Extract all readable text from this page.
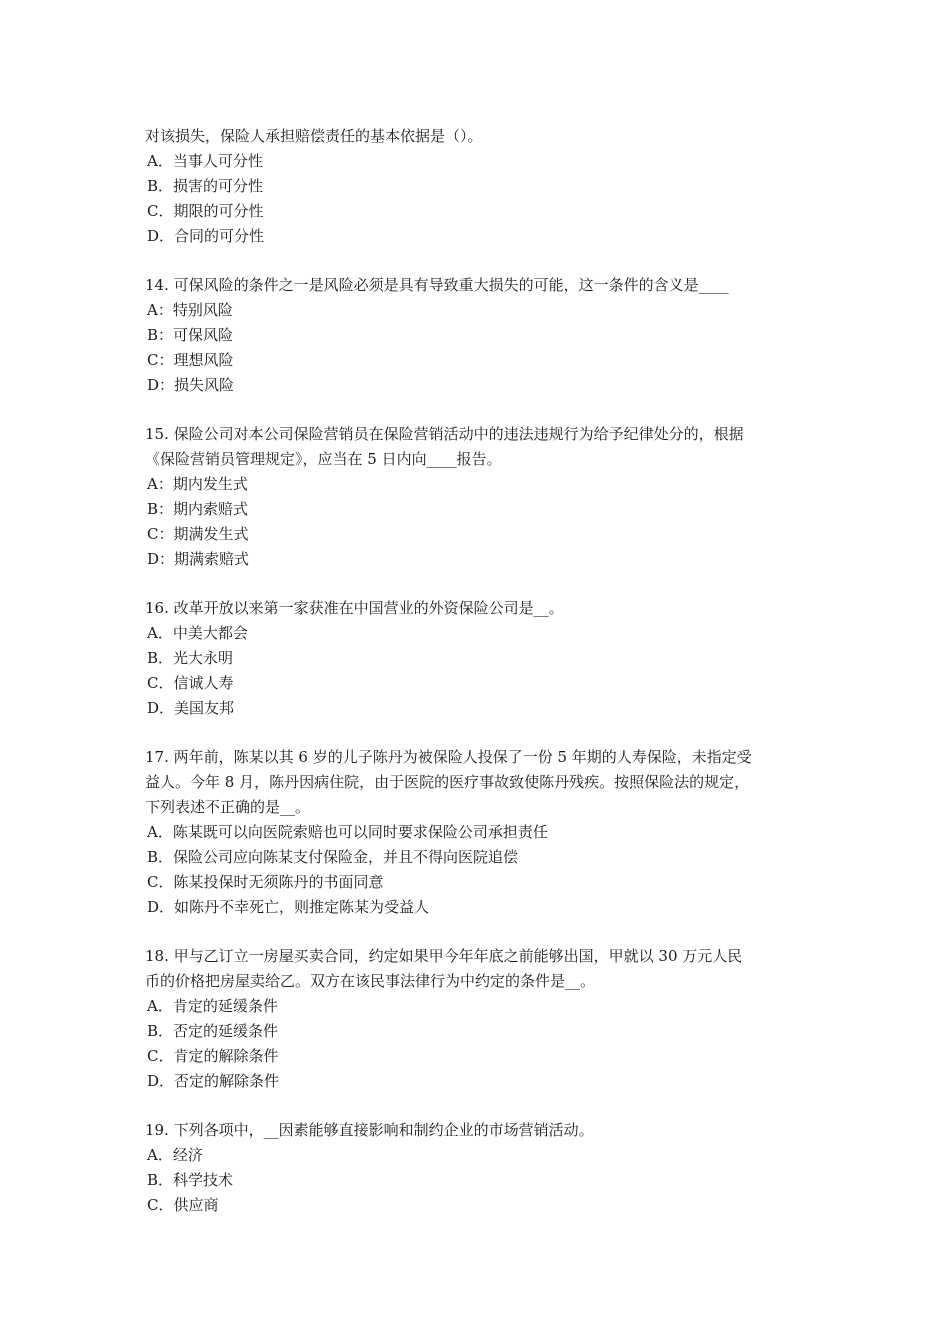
对该损失，保险人承担赔偿责任的基本依据是（）。
A．当事人可分性
B．损害的可分性
C．期限的可分性
D．合同的可分性
14. 可保风险的条件之一是风险必须是具有导致重大损失的可能，这一条件的含义是____
A：特别风险
B：可保风险
C：理想风险
D：损失风险
15. 保险公司对本公司保险营销员在保险营销活动中的违法违规行为给予纪律处分的，根据
《保险营销员管理规定》，应当在 5 日内向____报告。
A：期内发生式
B：期内索赔式
C：期满发生式
D：期满索赔式
16. 改革开放以来第一家获准在中国营业的外资保险公司是__。
A．中美大都会
B．光大永明
C．信诚人寿
D．美国友邦
17. 两年前，陈某以其 6 岁的儿子陈丹为被保险人投保了一份 5 年期的人寿保险，未指定受
益人。今年 8 月，陈丹因病住院，由于医院的医疗事故致使陈丹残疾。按照保险法的规定，
下列表述不正确的是__。
A．陈某既可以向医院索赔也可以同时要求保险公司承担责任
B．保险公司应向陈某支付保险金，并且不得向医院追偿
C．陈某投保时无须陈丹的书面同意
D．如陈丹不幸死亡，则推定陈某为受益人
18. 甲与乙订立一房屋买卖合同，约定如果甲今年年底之前能够出国，甲就以 30 万元人民
币的价格把房屋卖给乙。双方在该民事法律行为中约定的条件是__。
A．肯定的延缓条件
B．否定的延缓条件
C．肯定的解除条件
D．否定的解除条件
19. 下列各项中，__因素能够直接影响和制约企业的市场营销活动。
A．经济
B．科学技术
C．供应商
